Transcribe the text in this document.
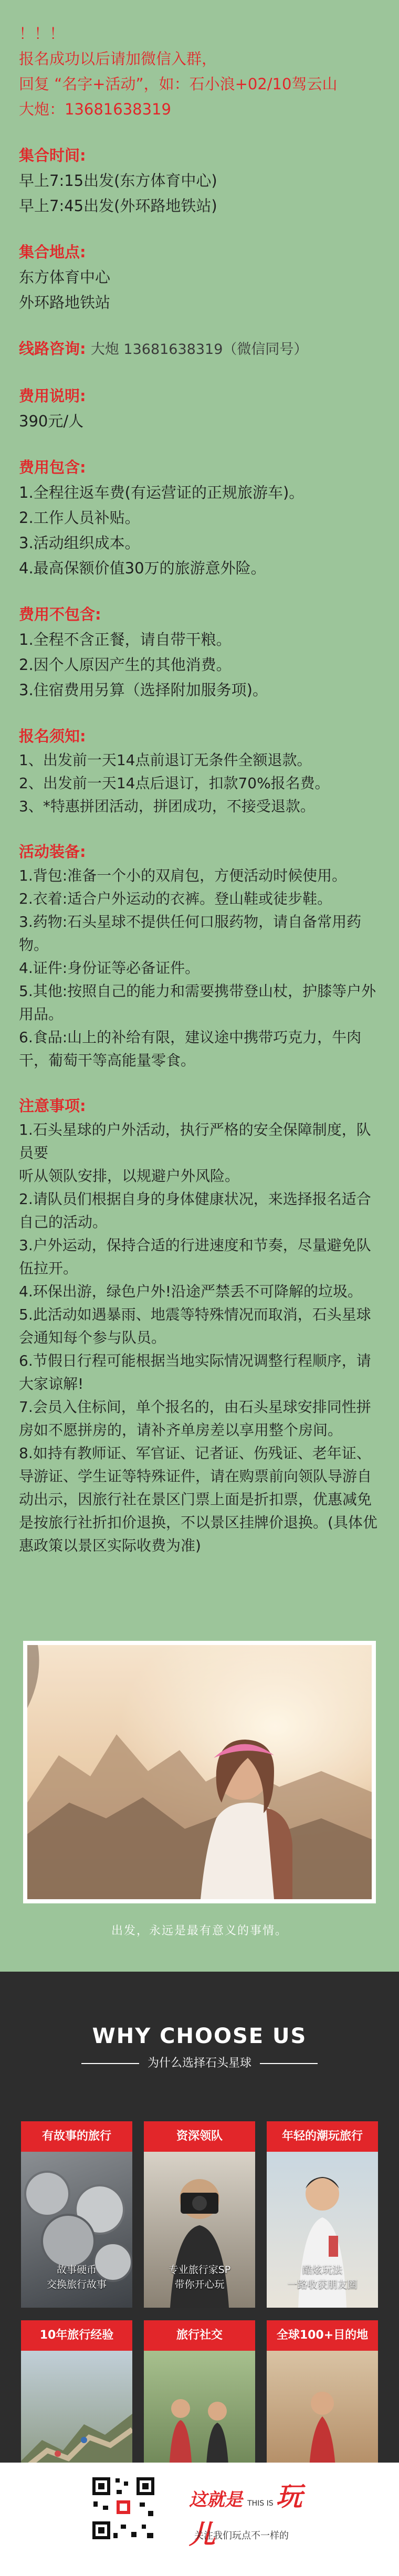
！！！
报名成功以后请加微信入群，
回复 “名字+活动”，如：石小浪+02/10驾云山
大炮：13681638319
集合时间:
早上7:15出发(东方体育中心)
早上7:45出发(外环路地铁站)
集合地点:
东方体育中心
外环路地铁站
线路咨询: 大炮 13681638319（微信同号）
费用说明:
390元/人
费用包含:
1.全程往返车费(有运营证的正规旅游车)。
2.工作人员补贴。
3.活动组织成本。
4.最高保额价值30万的旅游意外险。
费用不包含:
1.全程不含正餐，请自带干粮。
2.因个人原因产生的其他消费。
3.住宿费用另算（选择附加服务项)。
报名须知:
1、出发前一天14点前退订无条件全额退款。
2、出发前一天14点后退订，扣款70%报名费。
3、*特惠拼团活动，拼团成功，不接受退款。
活动装备:
1.背包:准备一个小的双肩包，方便活动时候使用。
2.衣着:适合户外运动的衣裤。登山鞋或徒步鞋。
3.药物:石头星球不提供任何口服药物，请自备常用药物。
4.证件:身份证等必备证件。
5.其他:按照自己的能力和需要携带登山杖，护膝等户外用品。
6.食品:山上的补给有限，建议途中携带巧克力，牛肉干，葡萄干等高能量零食。
注意事项:
1.石头星球的户外活动，执行严格的安全保障制度，队员要
听从领队安排，以规避户外风险。
2.请队员们根据自身的身体健康状况，来选择报名适合自己的活动。
3.户外运动，保持合适的行进速度和节奏，尽量避免队伍拉开。
4.环保出游，绿色户外!沿途严禁丢不可降解的垃圾。
5.此活动如遇暴雨、地震等特殊情况而取消，石头星球会通知每个参与队员。
6.节假日行程可能根据当地实际情况调整行程顺序，请大家谅解!
7.会员入住标间，单个报名的，由石头星球安排同性拼房如不愿拼房的，请补齐单房差以享用整个房间。
8.如持有教师证、军官证、记者证、伤残证、老年证、导游证、学生证等特殊证件，请在购票前向领队导游自动出示，因旅行社在景区门票上面是折扣票，优惠减免是按旅行社折扣价退换，不以景区挂牌价退换。(具体优惠政策以景区实际收费为准)
出发，永远是最有意义的事情。
WHY CHOOSE US
为什么选择石头星球
有故事的旅行
故事硬币
交换旅行故事
资深领队
专业旅行家SP
带你开心玩
年轻的潮玩旅行
酷炫玩法
一路收获朋友圈
10年旅行经验	旅行社交	全球100+目的地
这就是 THIS IS 玩儿
关注我们玩点不一样的
